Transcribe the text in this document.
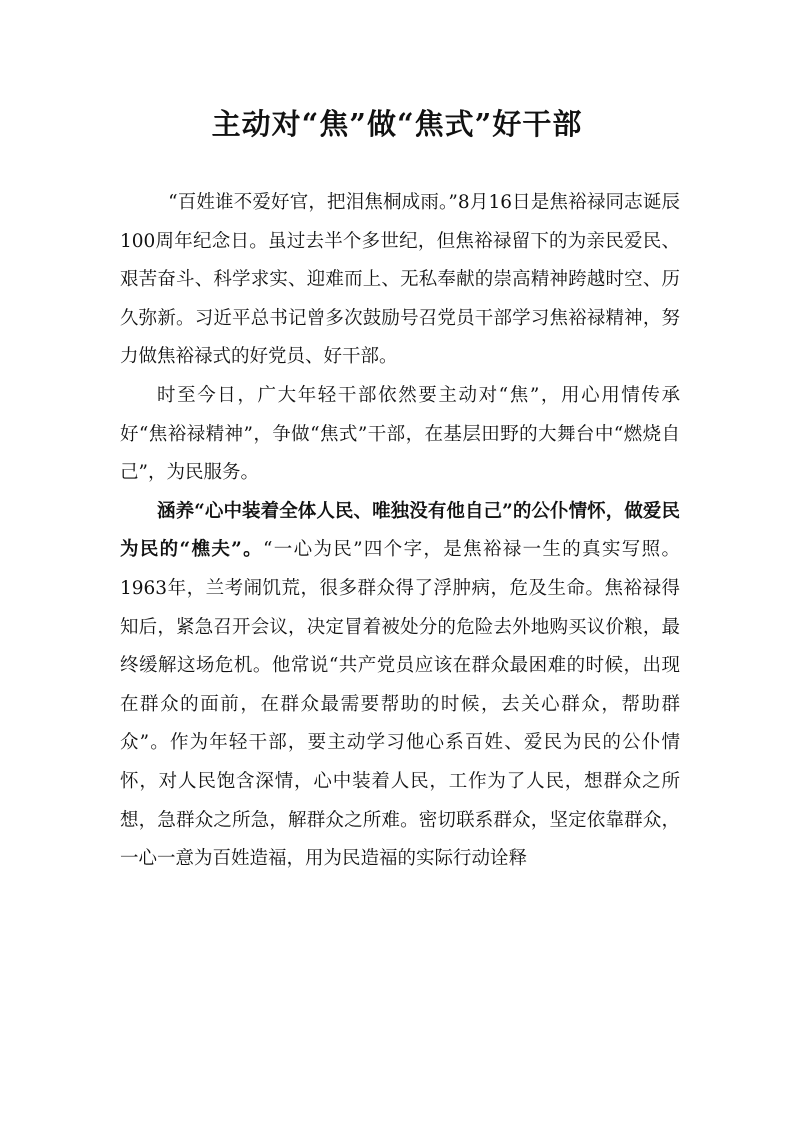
主动对“焦”做“焦式”好干部

“百姓谁不爱好官，把泪焦桐成雨。”8月16日是焦裕禄同志诞辰100周年纪念日。虽过去半个多世纪，但焦裕禄留下的为亲民爱民、艰苦奋斗、科学求实、迎难而上、无私奉献的崇高精神跨越时空、历久弥新。习近平总书记曾多次鼓励号召党员干部学习焦裕禄精神，努力做焦裕禄式的好党员、好干部。

时至今日，广大年轻干部依然要主动对“焦”，用心用情传承好“焦裕禄精神”，争做“焦式”干部，在基层田野的大舞台中“燃烧自己”，为民服务。

涵养“心中装着全体人民、唯独没有他自己”的公仆情怀，做爱民为民的“樵夫”。“一心为民”四个字，是焦裕禄一生的真实写照。1963年，兰考闹饥荒，很多群众得了浮肿病，危及生命。焦裕禄得知后，紧急召开会议，决定冒着被处分的危险去外地购买议价粮，最终缓解这场危机。他常说“共产党员应该在群众最困难的时候，出现在群众的面前，在群众最需要帮助的时候，去关心群众，帮助群众”。作为年轻干部，要主动学习他心系百姓、爱民为民的公仆情怀，对人民饱含深情，心中装着人民，工作为了人民，想群众之所想，急群众之所急，解群众之所难。密切联系群众，坚定依靠群众，一心一意为百姓造福，用为民造福的实际行动诠释
